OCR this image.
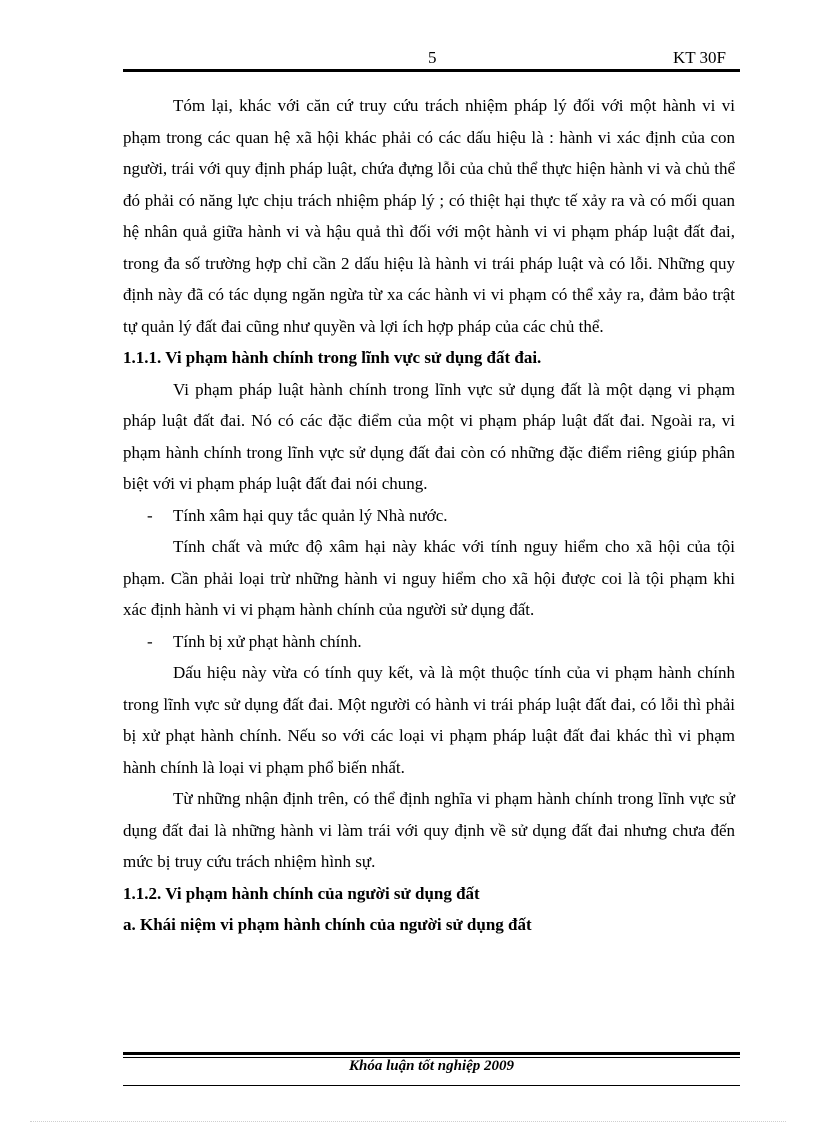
5	KT 30F

Tóm lại, khác với căn cứ truy cứu trách nhiệm pháp lý đối với một hành vi vi phạm trong các quan hệ xã hội khác phải có các dấu hiệu là : hành vi xác định của con người, trái với quy định pháp luật, chứa đựng lỗi của chủ thể thực hiện hành vi và chủ thể đó phải có năng lực chịu trách nhiệm pháp lý ; có thiệt hại thực tế xảy ra và có mối quan hệ nhân quả giữa hành vi và hậu quả thì đối với một hành vi vi phạm pháp luật đất đai, trong đa số trường hợp chỉ cần 2 dấu hiệu là hành vi trái pháp luật và có lỗi. Những quy định này đã có tác dụng ngăn ngừa từ xa các hành vi vi phạm có thể xảy ra, đảm bảo trật tự quản lý đất đai cũng như quyền và lợi ích hợp pháp của các chủ thể.

1.1.1. Vi phạm hành chính trong lĩnh vực sử dụng đất đai.

Vi phạm pháp luật hành chính trong lĩnh vực sử dụng đất là một dạng vi phạm pháp luật đất đai. Nó có các đặc điểm của một vi phạm pháp luật đất đai. Ngoài ra, vi phạm hành chính trong lĩnh vực sử dụng đất đai còn có những đặc điểm riêng giúp phân biệt với vi phạm pháp luật đất đai nói chung.

- Tính xâm hại quy tắc quản lý Nhà nước.

Tính chất và mức độ xâm hại này khác với tính nguy hiểm cho xã hội của tội phạm. Cần phải loại trừ những hành vi nguy hiểm cho xã hội được coi là tội phạm khi xác định hành vi vi phạm hành chính của người sử dụng đất.

- Tính bị xử phạt hành chính.

Dấu hiệu này vừa có tính quy kết, và là một thuộc tính của vi phạm hành chính trong lĩnh vực sử dụng đất đai. Một người có hành vi trái pháp luật đất đai, có lỗi thì phải bị xử phạt hành chính. Nếu so với các loại vi phạm pháp luật đất đai khác thì vi phạm hành chính là loại vi phạm phổ biến nhất.

Từ những nhận định trên, có thể định nghĩa vi phạm hành chính trong lĩnh vực sử dụng đất đai là những hành vi làm trái với quy định về sử dụng đất đai nhưng chưa đến mức bị truy cứu trách nhiệm hình sự.

1.1.2. Vi phạm hành chính của người sử dụng đất

a. Khái niệm vi phạm hành chính của người sử dụng đất

Khóa luận tốt nghiệp 2009
